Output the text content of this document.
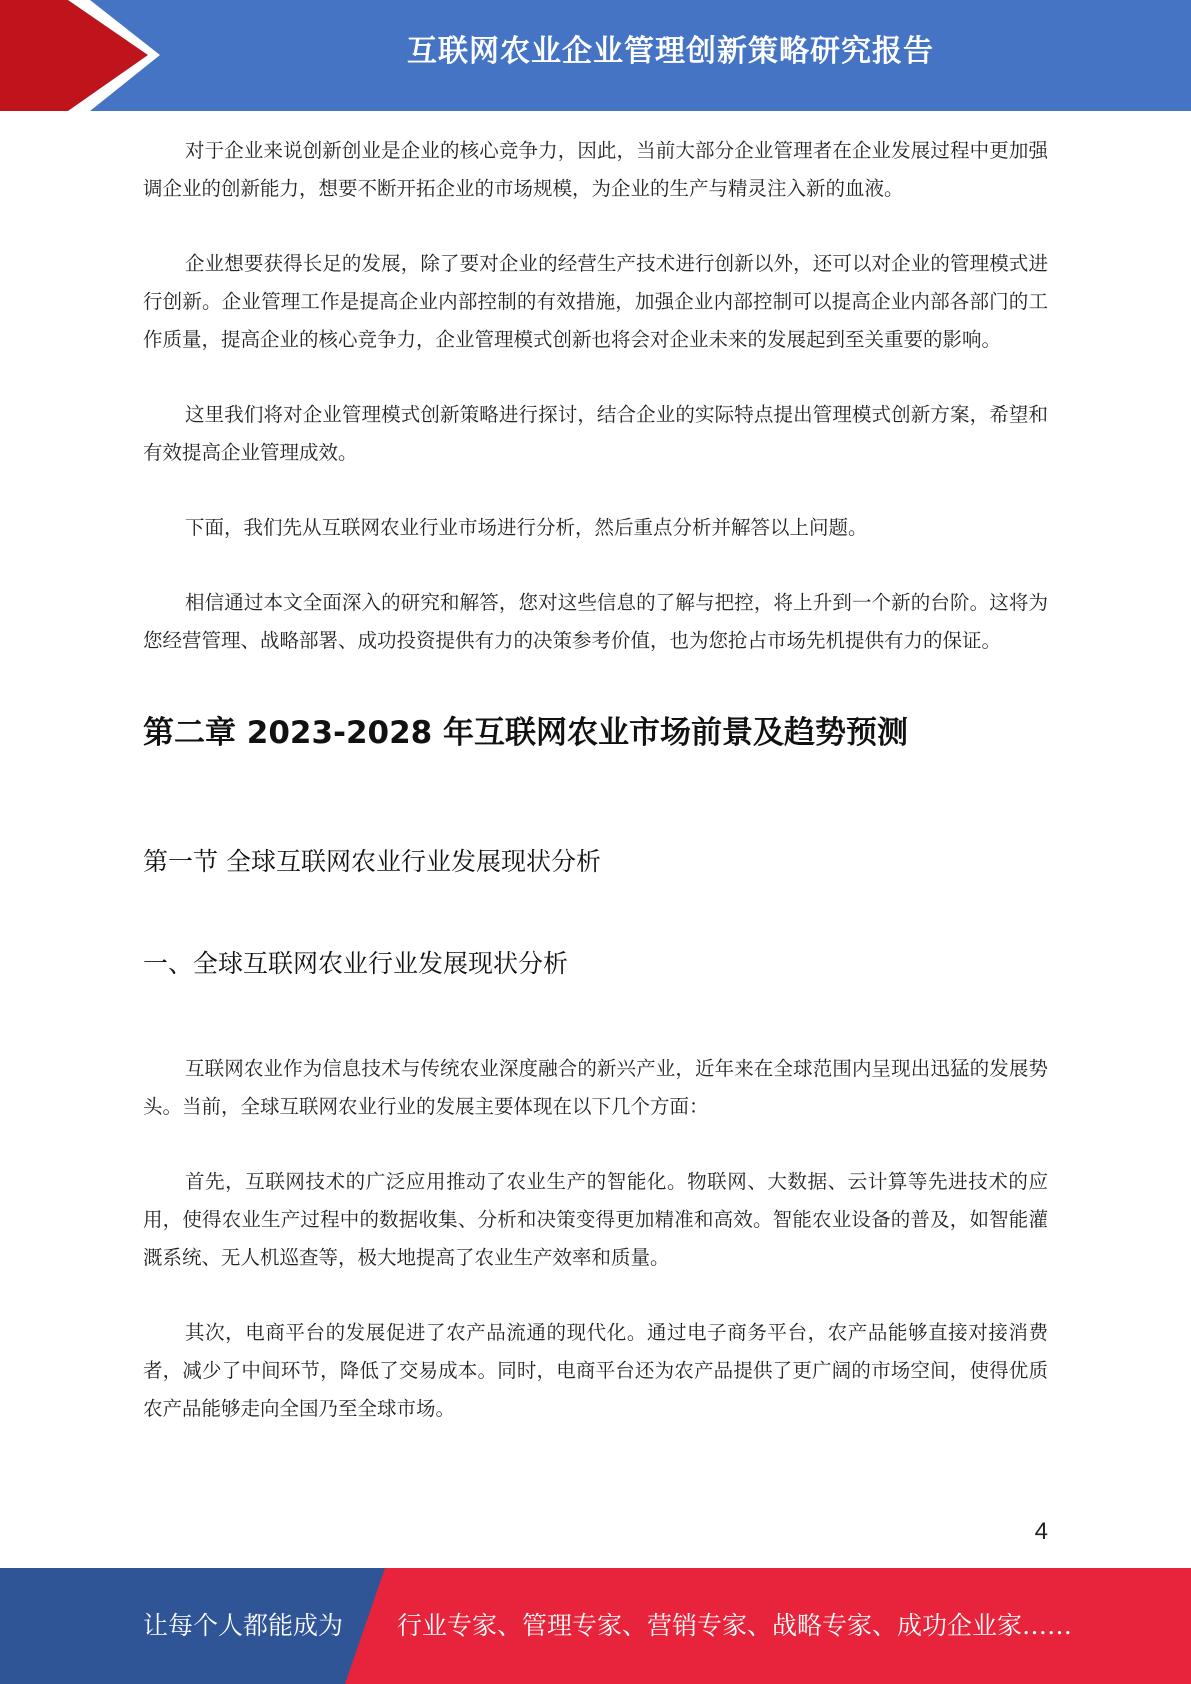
互联网农业企业管理创新策略研究报告

对于企业来说创新创业是企业的核心竞争力，因此，当前大部分企业管理者在企业发展过程中更加强调企业的创新能力，想要不断开拓企业的市场规模，为企业的生产与精灵注入新的血液。

企业想要获得长足的发展，除了要对企业的经营生产技术进行创新以外，还可以对企业的管理模式进行创新。企业管理工作是提高企业内部控制的有效措施，加强企业内部控制可以提高企业内部各部门的工作质量，提高企业的核心竞争力，企业管理模式创新也将会对企业未来的发展起到至关重要的影响。

这里我们将对企业管理模式创新策略进行探讨，结合企业的实际特点提出管理模式创新方案，希望和有效提高企业管理成效。

下面，我们先从互联网农业行业市场进行分析，然后重点分析并解答以上问题。

相信通过本文全面深入的研究和解答，您对这些信息的了解与把控，将上升到一个新的台阶。这将为您经营管理、战略部署、成功投资提供有力的决策参考价值，也为您抢占市场先机提供有力的保证。

第二章 2023-2028 年互联网农业市场前景及趋势预测
第一节 全球互联网农业行业发展现状分析
一、全球互联网农业行业发展现状分析

互联网农业作为信息技术与传统农业深度融合的新兴产业，近年来在全球范围内呈现出迅猛的发展势头。当前，全球互联网农业行业的发展主要体现在以下几个方面：

首先，互联网技术的广泛应用推动了农业生产的智能化。物联网、大数据、云计算等先进技术的应用，使得农业生产过程中的数据收集、分析和决策变得更加精准和高效。智能农业设备的普及，如智能灌溉系统、无人机巡查等，极大地提高了农业生产效率和质量。

其次，电商平台的发展促进了农产品流通的现代化。通过电子商务平台，农产品能够直接对接消费者，减少了中间环节，降低了交易成本。同时，电商平台还为农产品提供了更广阔的市场空间，使得优质农产品能够走向全国乃至全球市场。

4
让每个人都能成为 行业专家、管理专家、营销专家、战略专家、成功企业家……
